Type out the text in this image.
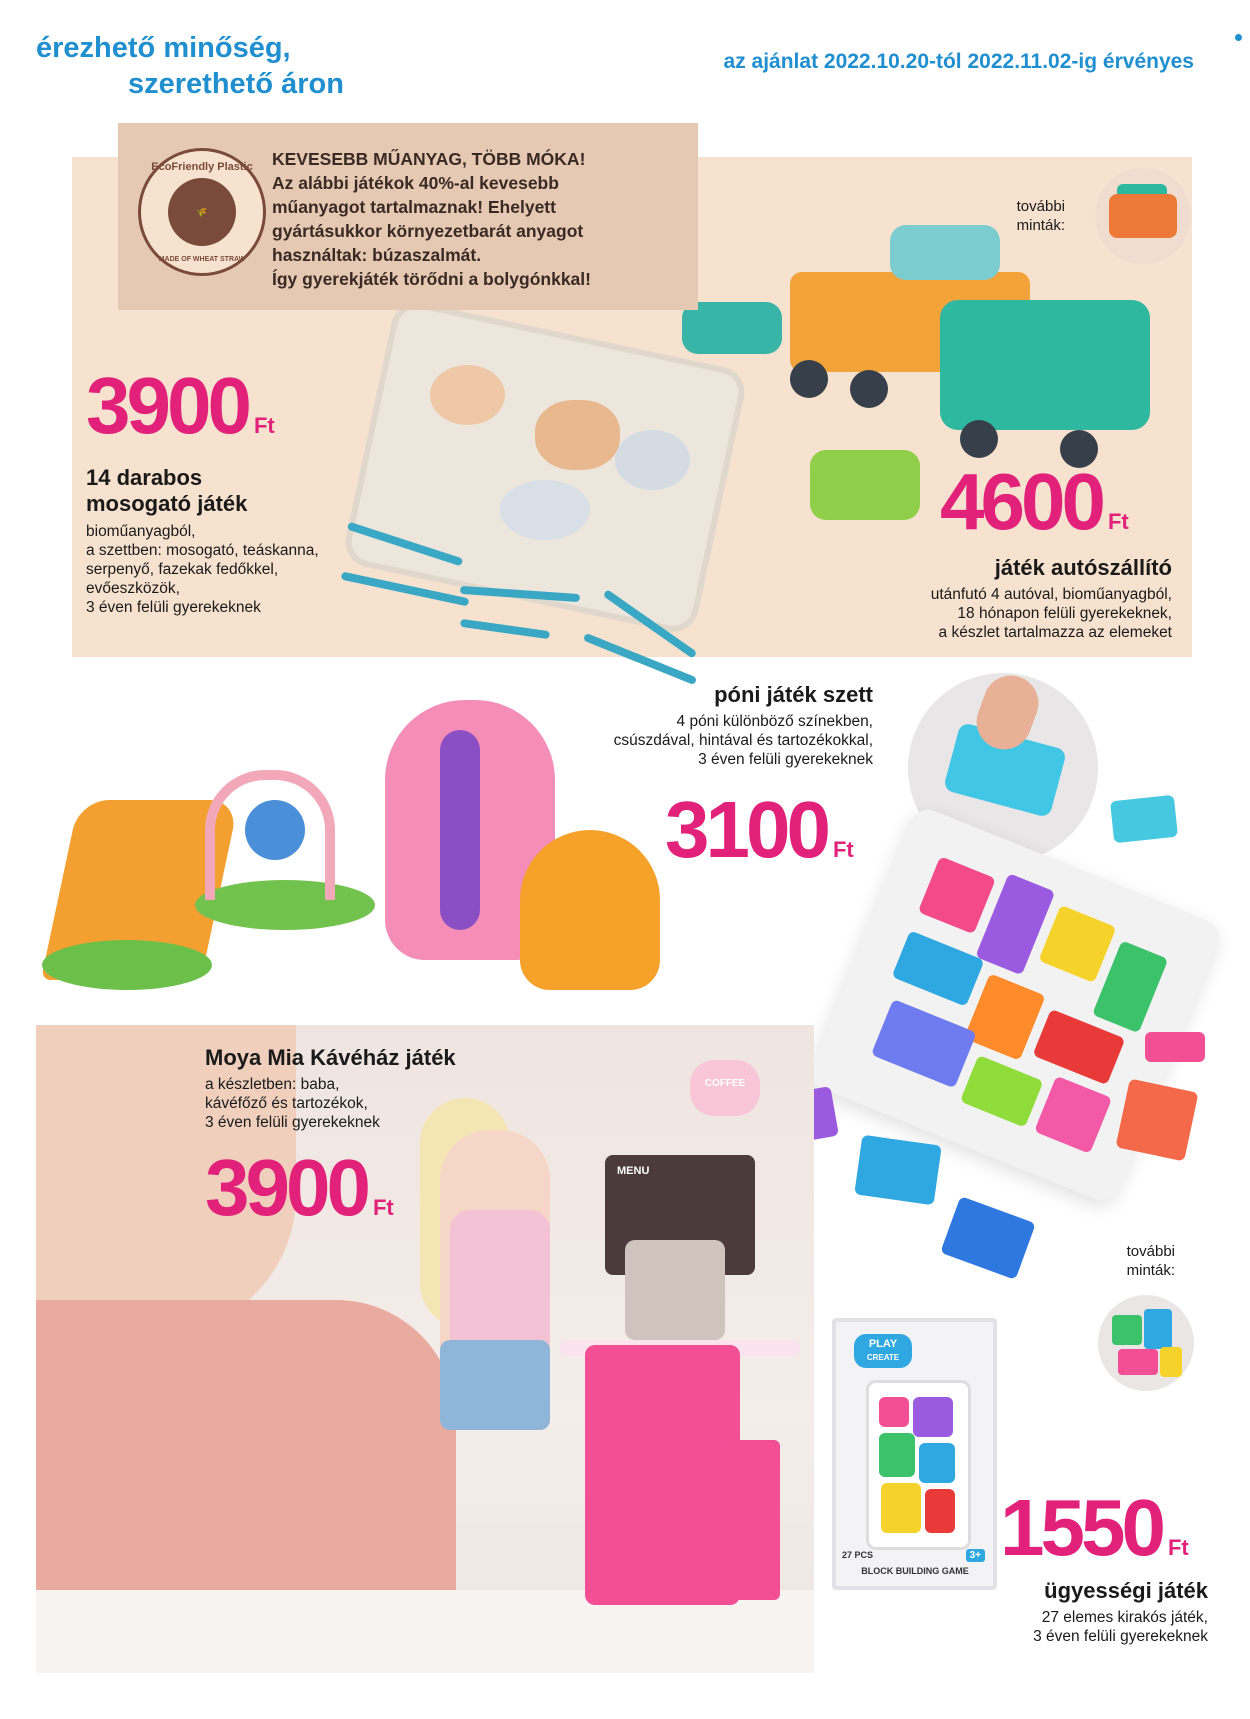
érezhető minőség,
szerethető áron
az ajánlat 2022.10.20-tól 2022.11.02-ig érvényes
EcoFriendly Plastic
🌾
MADE OF WHEAT STRAW
KEVESEBB MŰANYAG, TÖBB MÓKA!
Az alábbi játékok 40%-al kevesebb
műanyagot tartalmaznak! Ehelyett
gyártásukkor környezetbarát anyagot
használtak: búzaszalmát.
Így gyerekjáték törődni a bolygónkkal!
3900 Ft
14 darabos
mosogató játék
bioműanyagból,
a szettben: mosogató, teáskanna,
serpenyő, fazekak fedőkkel,
evőeszközök,
3 éven felüli gyerekeknek
további
minták:
4600 Ft
játék autószállító
utánfutó 4 autóval, bioműanyagból,
18 hónapon felüli gyerekeknek,
a készlet tartalmazza az elemeket
póni játék szett
4 póni különböző színekben,
csúszdával, hintával és tartozékokkal,
3 éven felüli gyerekeknek
3100 Ft
további
minták:
PLAY
CREATE
3+
27 PCS
BLOCK BUILDING GAME 1550 Ft
ügyességi játék
27 elemes kirakós játék,
3 éven felüli gyerekeknek
COFFEE
MENU
Moya Mia Kávéház játék
a készletben: baba,
kávéfőző és tartozékok,
3 éven felüli gyerekeknek
3900 Ft
